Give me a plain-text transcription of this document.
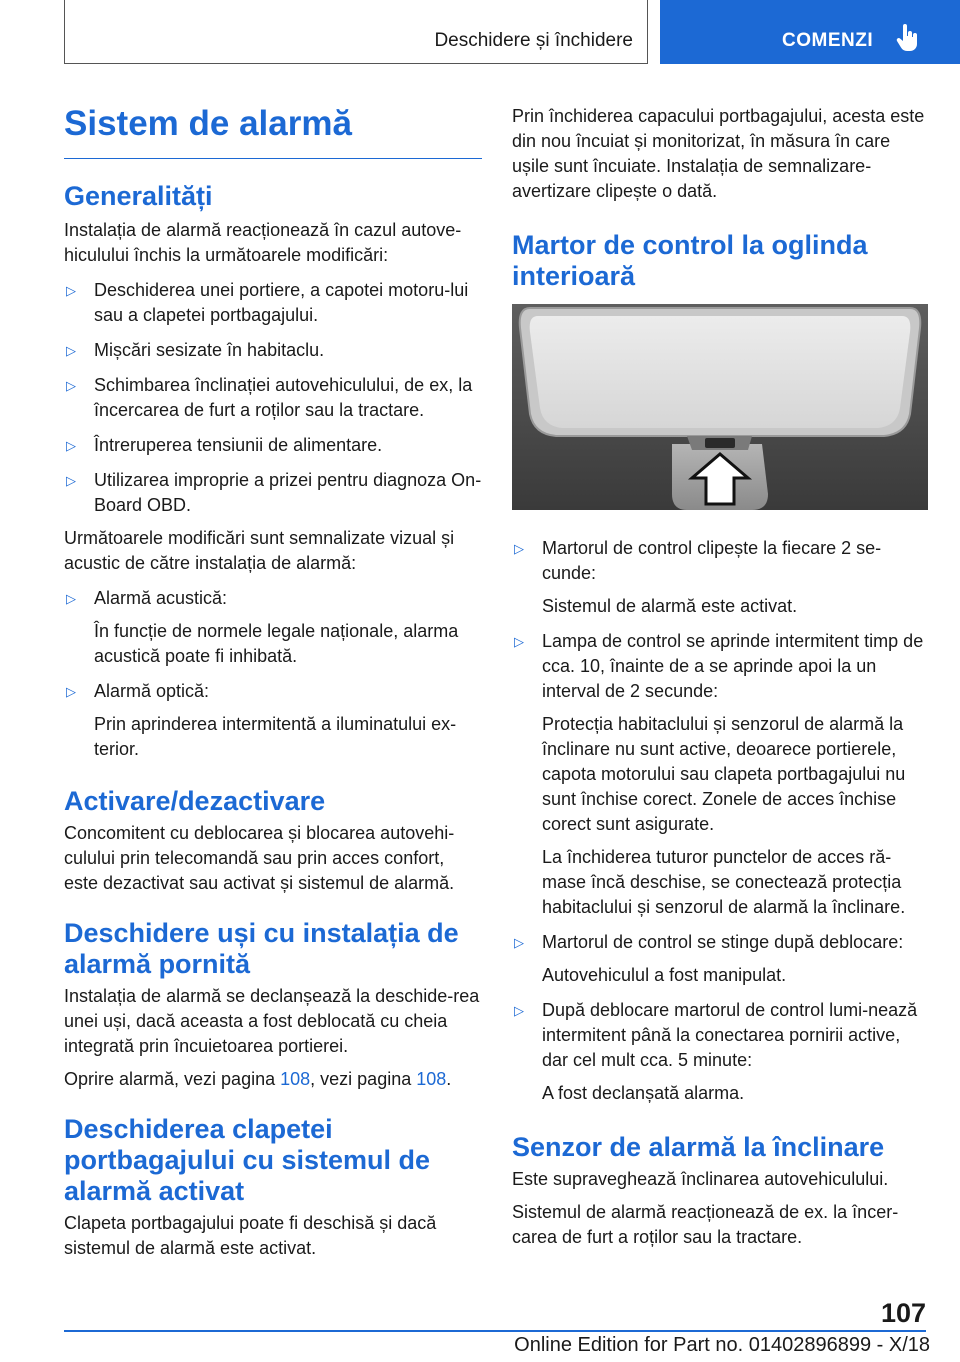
Deschidere și închidere	COMENZI
Sistem de alarmă
Generalități

Instalația de alarmă reacționează în cazul autove‐hiculului închis la următoarele modificări:

▷ Deschiderea unei portiere, a capotei motoru‐lui sau a clapetei portbagajului.
▷ Mișcări sesizate în habitaclu.
▷ Schimbarea înclinației autovehiculului, de ex, la încercarea de furt a roților sau la tractare.
▷ Întreruperea tensiunii de alimentare.
▷ Utilizarea improprie a prizei pentru diagnoza On-Board OBD.

Următoarele modificări sunt semnalizate vizual și acustic de către instalația de alarmă:

▷ Alarmă acustică:
În funcție de normele legale naționale, alarma acustică poate fi inhibată.
▷ Alarmă optică:
Prin aprinderea intermitentă a iluminatului ex‐terior.
Activare/dezactivare

Concomitent cu deblocarea și blocarea autovehi‐culului prin telecomandă sau prin acces confort, este dezactivat sau activat și sistemul de alarmă.

Deschidere uși cu instalația de alarmă pornită

Instalația de alarmă se declanșează la deschide‐rea unei uși, dacă aceasta a fost deblocată cu cheia integrată prin încuietoarea portierei.

Oprire alarmă, vezi pagina 108, vezi pagina 108.

Deschiderea clapetei portbagajului cu sistemul de alarmă activat

Clapeta portbagajului poate fi deschisă și dacă sistemul de alarmă este activat.

Prin închiderea capacului portbagajului, acesta este din nou încuiat și monitorizat, în măsura în care ușile sunt încuiate. Instalația de semnalizare-avertizare clipește o dată.

Martor de control la oglinda interioară
▷ Martorul de control clipește la fiecare 2 se‐cunde:
Sistemul de alarmă este activat.
▷ Lampa de control se aprinde intermitent timp de cca. 10, înainte de a se aprinde apoi la un interval de 2 secunde:
Protecția habitaclului și senzorul de alarmă la înclinare nu sunt active, deoarece portierele, capota motorului sau clapeta portbagajului nu sunt închise corect. Zonele de acces închise corect sunt asigurate.
La închiderea tuturor punctelor de acces ră‐mase încă deschise, se conectează protecția habitaclului și senzorul de alarmă la înclinare.
▷ Martorul de control se stinge după deblocare:
Autovehiculul a fost manipulat.
▷ După deblocare martorul de control lumi‐nează intermitent până la conectarea pornirii active, dar cel mult cca. 5 minute:
A fost declanșată alarma.
Senzor de alarmă la înclinare

Este supraveghează înclinarea autovehiculului.

Sistemul de alarmă reacționează de ex. la încer‐carea de furt a roților sau la tractare.

107
Online Edition for Part no. 01402896899 - X/18
